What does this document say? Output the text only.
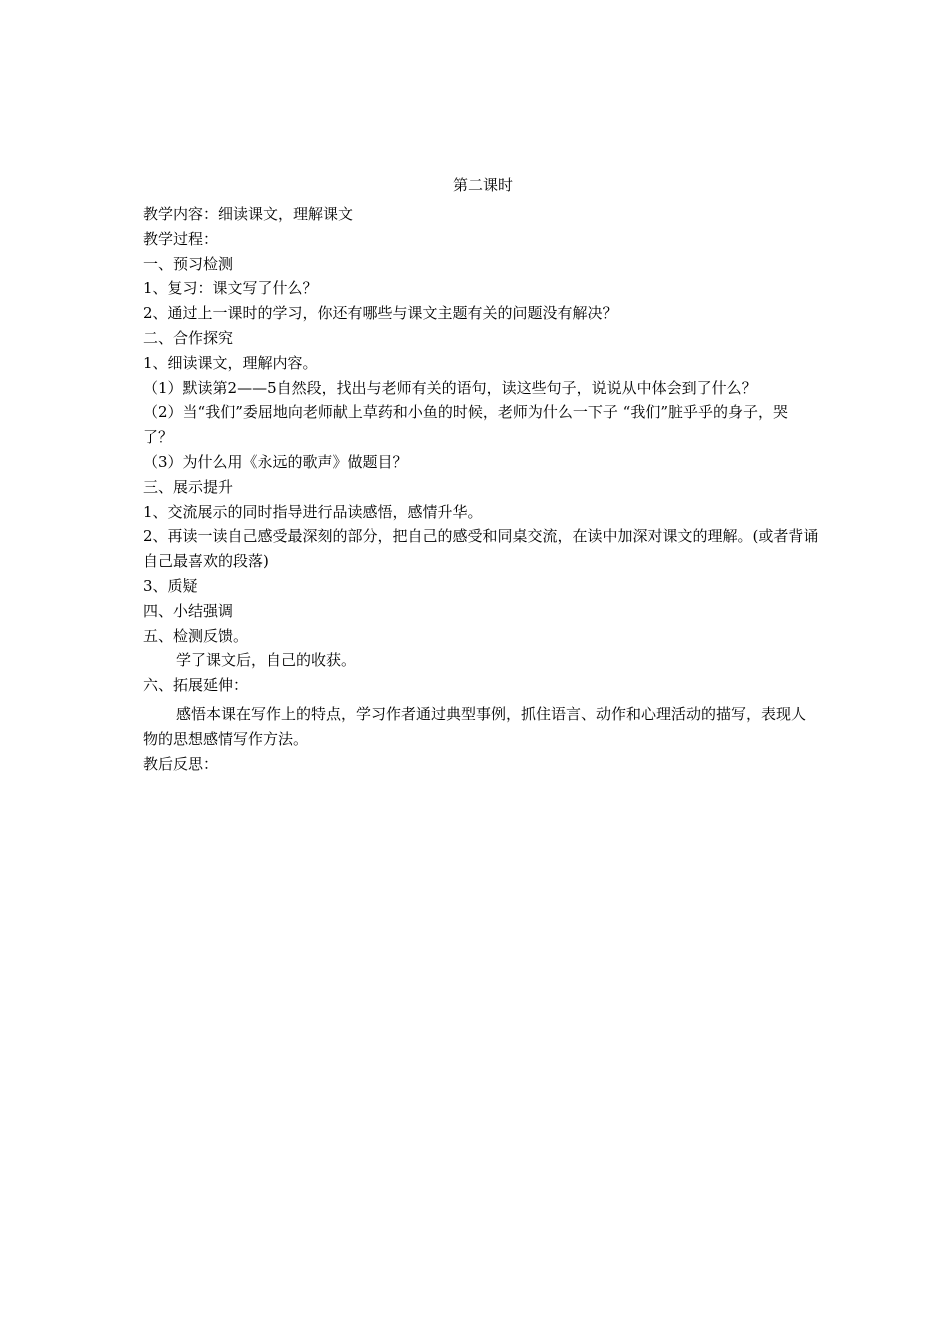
第二课时
教学内容：细读课文，理解课文
教学过程：
一、预习检测
1、复习：课文写了什么？
2、通过上一课时的学习，你还有哪些与课文主题有关的问题没有解决？
二、合作探究
1、细读课文，理解内容。
（1）默读第2——5自然段，找出与老师有关的语句，读这些句子，说说从中体会到了什么？
（2）当“我们”委屈地向老师献上草药和小鱼的时候，老师为什么一下子 “我们”脏乎乎的身子，哭了？
（3）为什么用《永远的歌声》做题目？
三、展示提升
1、交流展示的同时指导进行品读感悟，感情升华。
2、再读一读自己感受最深刻的部分，把自己的感受和同桌交流，在读中加深对课文的理解。(或者背诵自己最喜欢的段落)
3、质疑
四、小结强调
五、检测反馈。
学了课文后，自己的收获。
六、拓展延伸：
感悟本课在写作上的特点，学习作者通过典型事例，抓住语言、动作和心理活动的描写，表现人物的思想感情写作方法。
教后反思：
